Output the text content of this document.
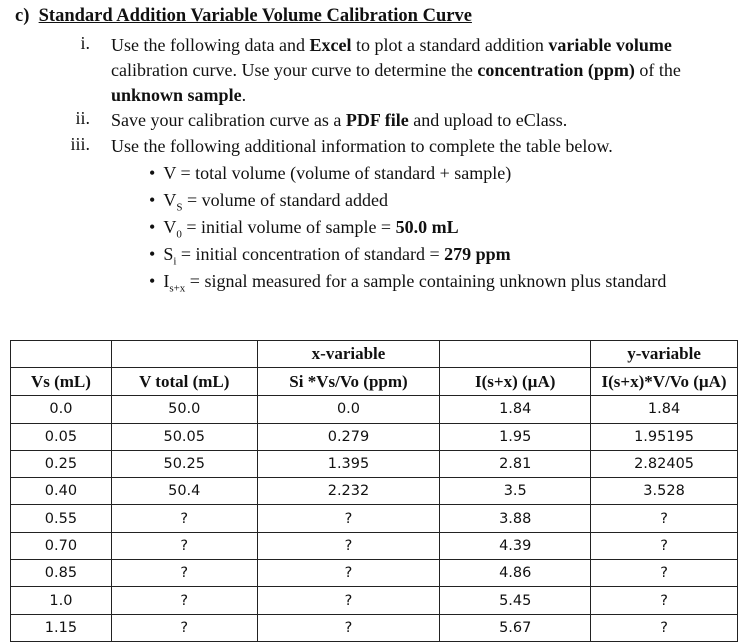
c) Standard Addition Variable Volume Calibration Curve
i. Use the following data and Excel to plot a standard addition variable volume calibration curve. Use your curve to determine the concentration (ppm) of the unknown sample.
ii. Save your calibration curve as a PDF file and upload to eClass.
iii. Use the following additional information to complete the table below.
• V = total volume (volume of standard + sample)
• $V_S$ = volume of standard added
• $V_0$ = initial volume of sample = 50.0 mL
• $S_i$ = initial concentration of standard = 279 ppm
• $I_{s+x}$ = signal measured for a sample containing unknown plus standard
		x-variable		y-variable
Vs (mL)	V total (mL)	Si *Vs/Vo (ppm)	I(s+x) (µA)	I(s+x)*V/Vo (µA)
0.0	50.0	0.0	1.84	1.84
0.05	50.05	0.279	1.95	1.95195
0.25	50.25	1.395	2.81	2.82405
0.40	50.4	2.232	3.5	3.528
0.55	?	?	3.88	?
0.70	?	?	4.39	?
0.85	?	?	4.86	?
1.0	?	?	5.45	?
1.15	?	?	5.67	?
